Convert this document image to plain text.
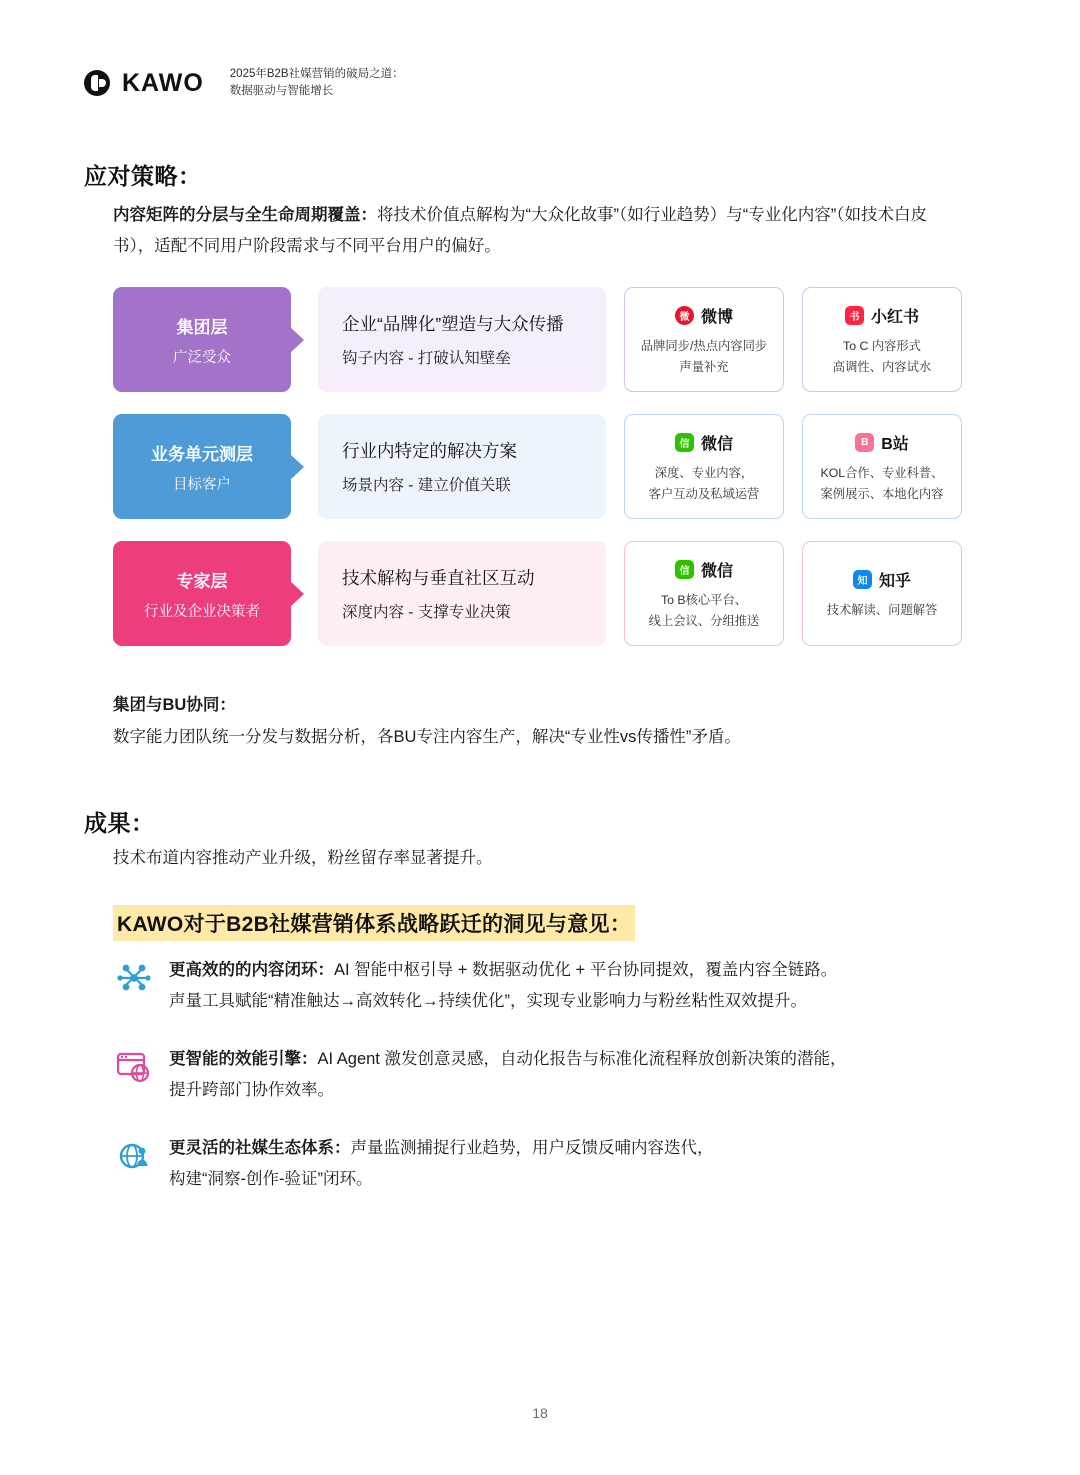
KAWO 2025年B2B社媒营销的破局之道：
数据驱动与智能增长
应对策略：
内容矩阵的分层与全生命周期覆盖：将技术价值点解构为“大众化故事”（如行业趋势）与“专业化内容”（如技术白皮书），适配不同用户阶段需求与不同平台用户的偏好。
集团层
广泛受众
企业“品牌化”塑造与大众传播
钩子内容 - 打破认知壁垒
微 微博
品牌同步/热点内容同步
声量补充
书 小红书
To C 内容形式
高调性、内容试水
业务单元测层
目标客户
行业内特定的解决方案
场景内容 - 建立价值关联
信 微信
深度、专业内容，
客户互动及私域运营
B B站
KOL合作、专业科普、
案例展示、本地化内容
专家层
行业及企业决策者
技术解构与垂直社区互动
深度内容 - 支撑专业决策
信 微信
To B核心平台、
线上会议、分组推送
知 知乎
技术解读、问题解答
集团与BU协同：
数字能力团队统一分发与数据分析，各BU专注内容生产，解决“专业性vs传播性”矛盾。
成果：
技术布道内容推动产业升级，粉丝留存率显著提升。
KAWO对于B2B社媒营销体系战略跃迁的洞见与意见：
更高效的的内容闭环：AI 智能中枢引导 + 数据驱动优化 + 平台协同提效，覆盖内容全链路。
声量工具赋能“精准触达→高效转化→持续优化”，实现专业影响力与粉丝粘性双效提升。
更智能的效能引擎：AI Agent 激发创意灵感，自动化报告与标准化流程释放创新决策的潜能，
提升跨部门协作效率。
更灵活的社媒生态体系：声量监测捕捉行业趋势，用户反馈反哺内容迭代，
构建“洞察-创作-验证”闭环。
18
